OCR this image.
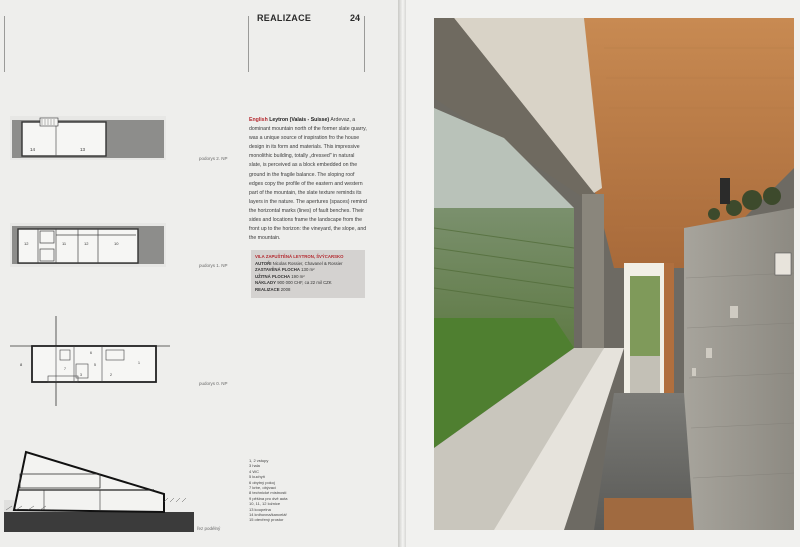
REALIZACE	24
14	13
podorys 2. NP
12	11	12	10
pudorys 1. NP
8
7
6
5
3	2
1
pudorys 0. NP
řez podélný
English Leytron (Valais - Suisse) Ardevaz, a dominant mountain north of the former slate quarry, was a unique source of inspiration fro the house design in its form and materials. This impressive monolithic building, totally „dressed" in natural slate, is perceived as a block embedded on the ground in the fragile balance. The sloping roof edges copy the profile of the eastern and western part of the mountain, the slate texture reminds its layers in the nature. The apertures (spaces) remind the horizontal marks (lines) of fault benches. Their sides and locations frame the landscape from the front up to the horizon: the vineyard, the slope, and the mountain.
VILA ZAPUŠTĚNÁ LEYTRON, ŠVÝCARSKO
AUTOŘI Nicolas Rossier, Chavanel & Rossier
ZASTAVĚNÁ PLOCHA 130 m²
UŽITNÁ PLOCHA 190 m²
NÁKLADY 900 000 CHF, ca 22 mil CZK
REALIZACE 2008
1, 2 vstupy
3 hala
4 WC
5 kuchyň
6 obytný pokoj
7 krbe, obývací
8 technické místnosti
9 pěšina pro dvě auta
10, 11, 12 ložnice
13 koupelna
14 knihovna/kancelář
15 otevřený prostor
